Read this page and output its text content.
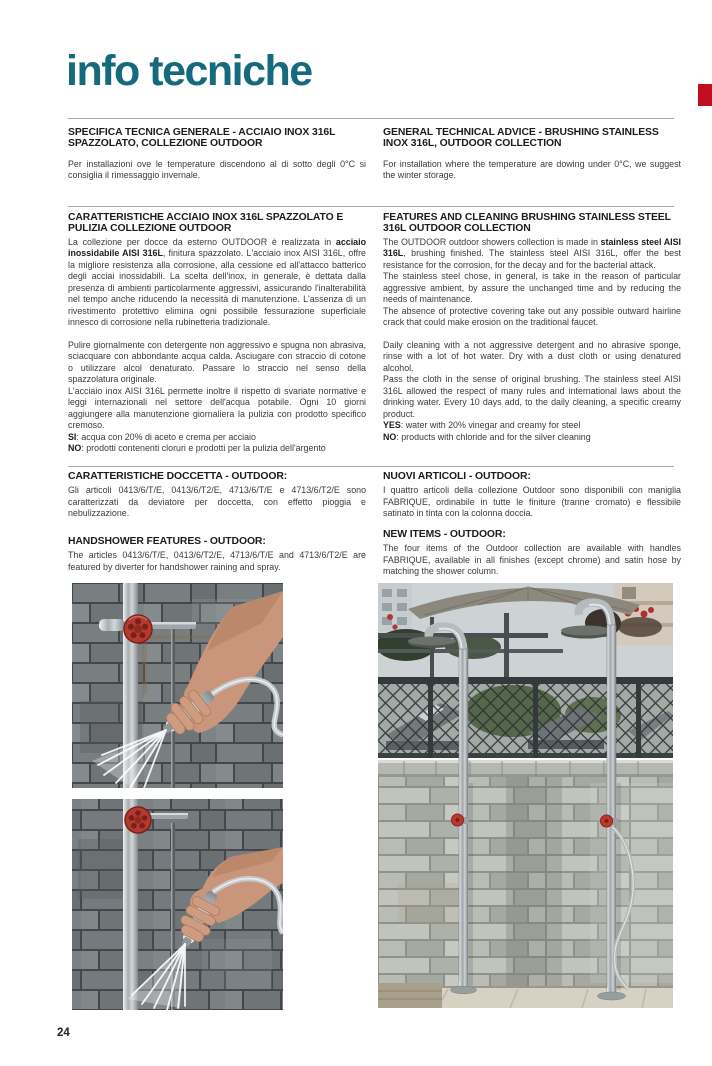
info tecniche
SPECIFICA TECNICA GENERALE - ACCIAIO INOX 316L SPAZZOLATO, COLLEZIONE OUTDOOR

Per installazioni ove le temperature discendono al di sotto degli 0°C si consiglia il rimessaggio invernale.

GENERAL TECHNICAL ADVICE - BRUSHING STAINLESS INOX 316L, OUTDOOR COLLECTION

For installation where the temperature are dowing under 0°C, we suggest the winter storage.

CARATTERISTICHE ACCIAIO INOX 316L SPAZZOLATO E PULIZIA COLLEZIONE OUTDOOR

La collezione per docce da esterno OUTDOOR è realizzata in acciaio inossidabile AISI 316L, finitura spazzolato. L'acciaio inox AISI 316L, offre la migliore resistenza alla corrosione, alla cessione ed all'attacco batterico degli acciai inossidabili. La scelta dell'inox, in generale, è dettata dalla presenza di ambienti particolarmente aggressivi, assicurando l'inalterabilità nel tempo anche riducendo la necessità di manutenzione. L'assenza di un rivestimento protettivo elimina ogni possibile fessurazione superficiale innesco di corrosione nella rubinetteria tradizionale.

Pulire giornalmente con detergente non aggressivo e spugna non abrasiva, sciacquare con abbondante acqua calda. Asciugare con straccio di cotone o utilizzare alcol denaturato. Passare lo straccio nel senso della spazzolatura originale.

L'acciaio inox AISI 316L permette inoltre il rispetto di svariate normative e leggi internazionali nel settore dell'acqua potabile. Ogni 10 giorni aggiungere alla manutenzione giornaliera la pulizia con prodotto specifico cremoso.

SI: acqua con 20% di aceto e crema per acciaio

NO: prodotti contenenti cloruri e prodotti per la pulizia dell'argento

FEATURES AND CLEANING BRUSHING STAINLESS STEEL 316L OUTDOOR COLLECTION

The OUTDOOR outdoor showers collection is made in stainless steel AISI 316L, brushing finished. The stainless steel AISI 316L, offer the best resistance for the corrosion, for the decay and for the bacterial attack.

The stainless steel chose, in general, is take in the reason of particular aggressive ambient, by assure the unchanged time and by reducing the needs of maintenance.

The absence of protective covering take out any possible outward hairline crack that could make erosion on the traditional faucet.

Daily cleaning with a not aggressive detergent and no abrasive sponge, rinse with a lot of hot water. Dry with a dust cloth or using denatured alcohol.

Pass the cloth in the sense of original brushing. The stainless steel AISI 316L allowed the respect of many rules and international laws about the drinking water. Every 10 days add, to the daily cleaning, a specific creamy product.

YES: water with 20% vinegar and creamy for steel

NO: products with chloride and for the silver cleaning

CARATTERISTICHE DOCCETTA - OUTDOOR:

Gli articoli 0413/6/T/E, 0413/6/T2/E, 4713/6/T/E e 4713/6/T2/E sono caratterizzati da deviatore per doccetta, con effetto pioggia e nebulizzazione.

HANDSHOWER FEATURES - OUTDOOR:

The articles 0413/6/T/E, 0413/6/T2/E, 4713/6/T/E and 4713/6/T2/E are featured by diverter for handshower raining and spray.

NUOVI ARTICOLI - OUTDOOR:

I quattro articoli della collezione Outdoor sono disponibili con maniglia FABRIQUE, ordinabile in tutte le finiture (tranne cromato) e flessibile satinato in tinta con la colonna doccia.

NEW ITEMS - OUTDOOR:

The four items of the Outdoor collection are available with handles FABRIQUE, available in all finishes (except chrome) and satin hose by matching the shower column.

24
